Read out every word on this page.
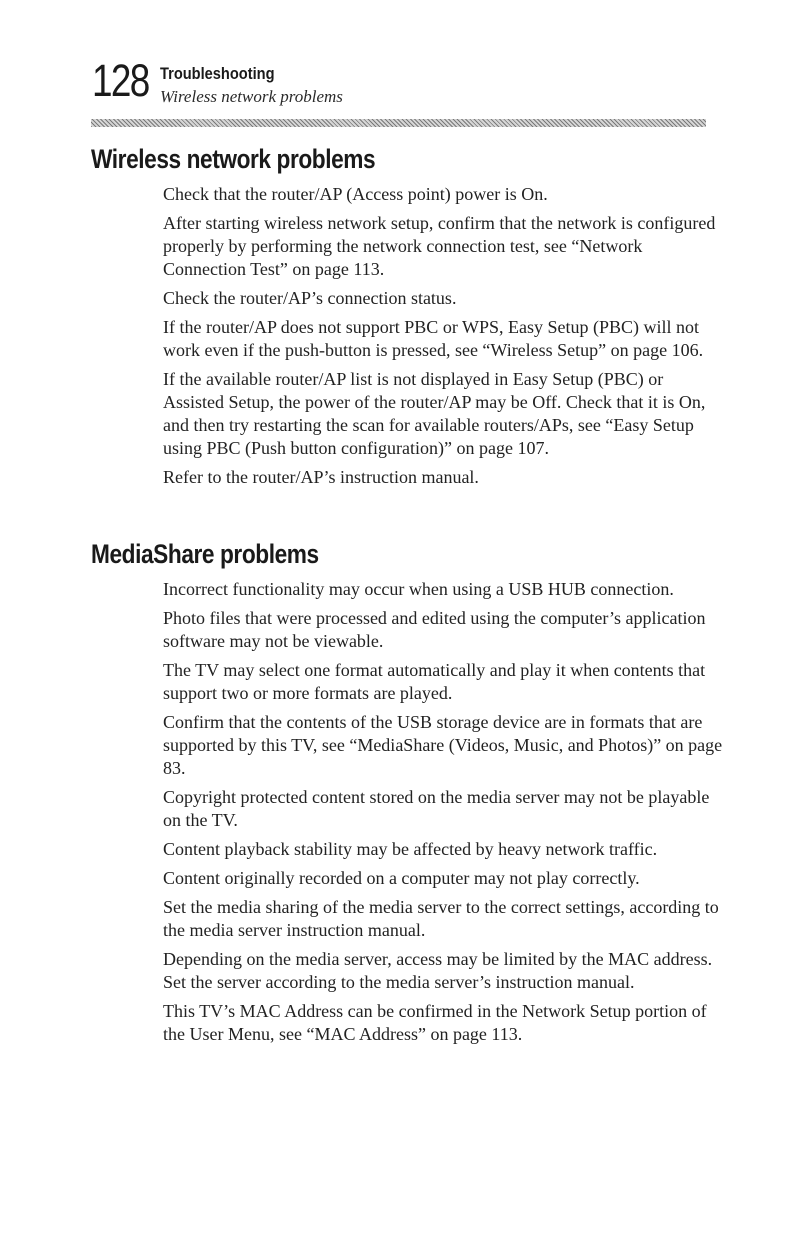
128 Troubleshooting
Wireless network problems
Wireless network problems
Check that the router/AP (Access point) power is On.
After starting wireless network setup, confirm that the network is configured properly by performing the network connection test, see “Network Connection Test” on page 113.
Check the router/AP’s connection status.
If the router/AP does not support PBC or WPS, Easy Setup (PBC) will not work even if the push-button is pressed, see “Wireless Setup” on page 106.
If the available router/AP list is not displayed in Easy Setup (PBC) or Assisted Setup, the power of the router/AP may be Off. Check that it is On, and then try restarting the scan for available routers/APs, see “Easy Setup using PBC (Push button configuration)” on page 107.
Refer to the router/AP’s instruction manual.
MediaShare problems
Incorrect functionality may occur when using a USB HUB connection.
Photo files that were processed and edited using the computer’s application software may not be viewable.
The TV may select one format automatically and play it when contents that support two or more formats are played.
Confirm that the contents of the USB storage device are in formats that are supported by this TV, see “MediaShare (Videos, Music, and Photos)” on page 83.
Copyright protected content stored on the media server may not be playable on the TV.
Content playback stability may be affected by heavy network traffic.
Content originally recorded on a computer may not play correctly.
Set the media sharing of the media server to the correct settings, according to the media server instruction manual.
Depending on the media server, access may be limited by the MAC address. Set the server according to the media server’s instruction manual.
This TV’s MAC Address can be confirmed in the Network Setup portion of the User Menu, see “MAC Address” on page 113.
